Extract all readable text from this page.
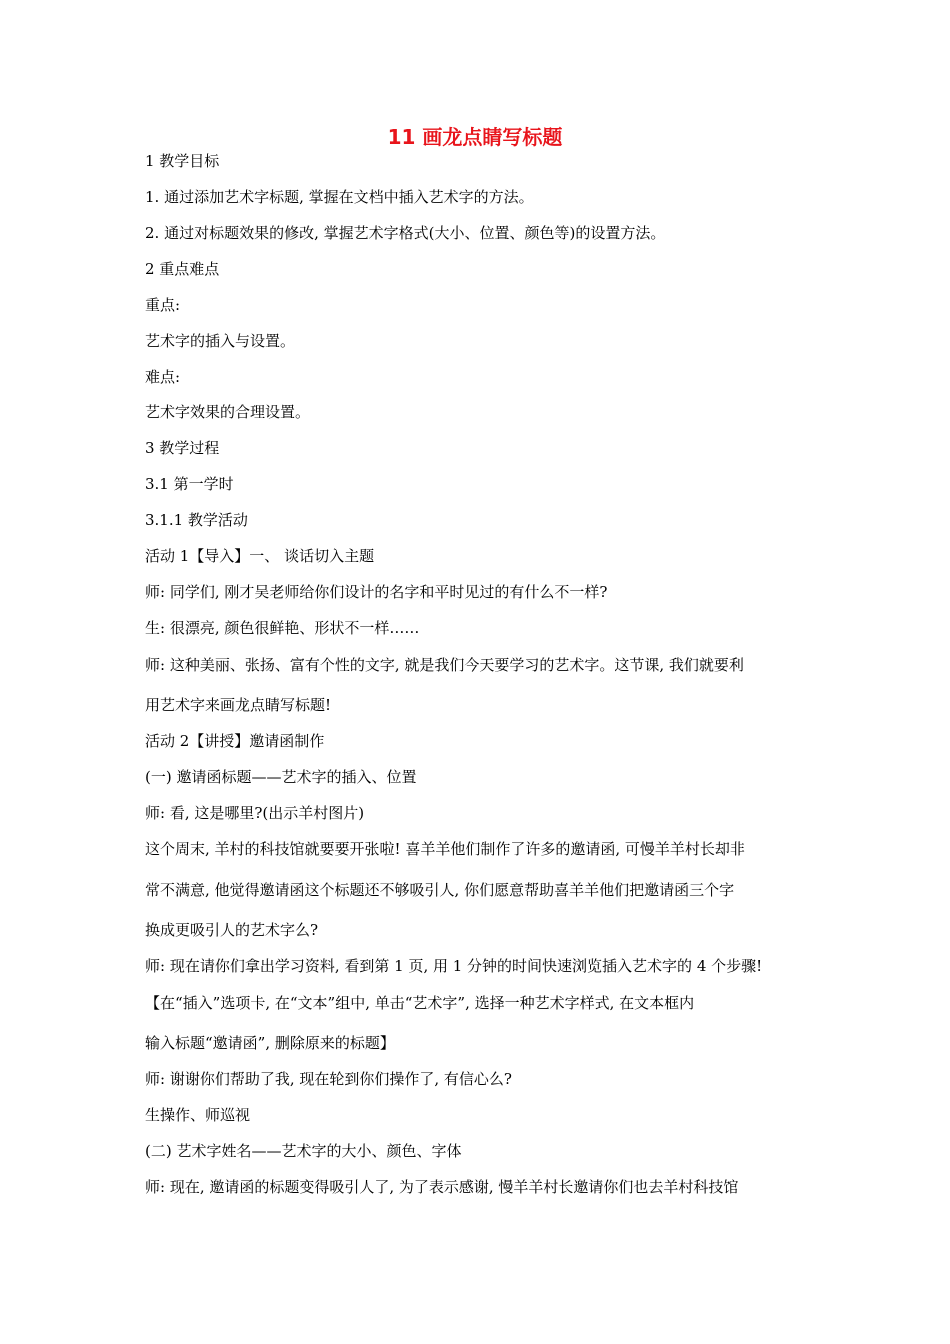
11 画龙点睛写标题
1 教学目标
1. 通过添加艺术字标题, 掌握在文档中插入艺术字的方法。
2. 通过对标题效果的修改, 掌握艺术字格式(大小、位置、颜色等)的设置方法。
2 重点难点
重点:
艺术字的插入与设置。
难点:
艺术字效果的合理设置。
3 教学过程
3.1 第一学时
3.1.1 教学活动
活动 1【导入】一、 谈话切入主题
师: 同学们, 刚才吴老师给你们设计的名字和平时见过的有什么不一样?
生: 很漂亮, 颜色很鲜艳、形状不一样……
师: 这种美丽、张扬、富有个性的文字, 就是我们今天要学习的艺术字。这节课, 我们就要利
用艺术字来画龙点睛写标题!
活动 2【讲授】邀请函制作
(一) 邀请函标题——艺术字的插入、位置
师: 看, 这是哪里?(出示羊村图片)
这个周末, 羊村的科技馆就要要开张啦! 喜羊羊他们制作了许多的邀请函, 可慢羊羊村长却非
常不满意, 他觉得邀请函这个标题还不够吸引人, 你们愿意帮助喜羊羊他们把邀请函三个字
换成更吸引人的艺术字么?
师: 现在请你们拿出学习资料, 看到第 1 页, 用 1 分钟的时间快速浏览插入艺术字的 4 个步骤!
【在“插入”选项卡, 在“文本”组中, 单击“艺术字”, 选择一种艺术字样式, 在文本框内
输入标题“邀请函”, 删除原来的标题】
师: 谢谢你们帮助了我, 现在轮到你们操作了, 有信心么?
生操作、师巡视
(二) 艺术字姓名——艺术字的大小、颜色、字体
师: 现在, 邀请函的标题变得吸引人了, 为了表示感谢, 慢羊羊村长邀请你们也去羊村科技馆
